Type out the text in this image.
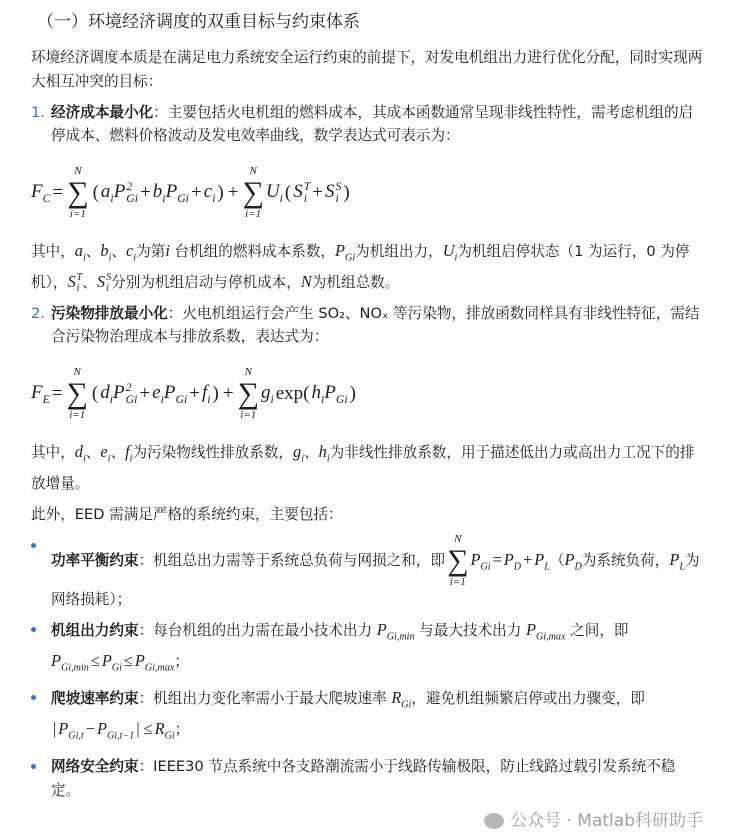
（一）环境经济调度的双重目标与约束体系

环境经济调度本质是在满足电力系统安全运行约束的前提下，对发电机组出力进行优化分配，同时实现两大相互冲突的目标：

1. 经济成本最小化：主要包括火电机组的燃料成本，其成本函数通常呈现非线性特性，需考虑机组的启停成本、燃料价格波动及发电效率曲线，数学表达式可表示为：
$F_C$ =
N
∑
i=1
( $a_i$ P 2
$Gi + b_i$ $P_{Gi} + c_i$ ) +
N
∑
i=1
$U_i$ ( S T
i + S S
i )

其中，$a_i$、$b_i$、$c_i$为第i 台机组的燃料成本系数，$P_{Gi}$为机组出力，$U_i$为机组启停状态（1 为运行，0 为停机），S T
i 、S S
i 分别为机组启动与停机成本，N为机组总数。

2. 污染物排放最小化：火电机组运行会产生 SO₂、NOₓ 等污染物，排放函数同样具有非线性特征，需结合污染物治理成本与排放系数，表达式为：
$F_E$ =
N
∑
i=1
( $d_i$ P 2
$Gi + e_i$ $P_{Gi} + f_i$ ) +
N
∑
i=1
$g_i$ exp( $h_i$ $P_{Gi}$ )

其中，$d_i$、$e_i$、$f_i$为污染物线性排放系数，$g_i$、$h_i$为非线性排放系数，用于描述低出力或高出力工况下的排放增量。

此外，EED 需满足严格的系统约束，主要包括：

功率平衡约束：机组总出力需等于系统总负荷与网损之和，即
N
∑
i=1
$P_{Gi} = P_D + P_L(P_D$为系统负荷，$P_L$为网络损耗）；
机组出力约束：每台机组的出力需在最小技术出力 $P_{Gi,min}$ 与最大技术出力 $P_{Gi,max}$ 之间，即 $P_{Gi,min} \le P_{Gi} \le P_{Gi,max}$；
爬坡速率约束：机组出力变化率需小于最大爬坡速率 $R_{Gi}$，避免机组频繁启停或出力骤变，即 | $P_{Gi,t} - P_{Gi,t-1}$ | ≤ $R_{Gi}$；
网络安全约束：IEEE30 节点系统中各支路潮流需小于线路传输极限，防止线路过载引发系统不稳定。
公众号 · Matlab科研助手
